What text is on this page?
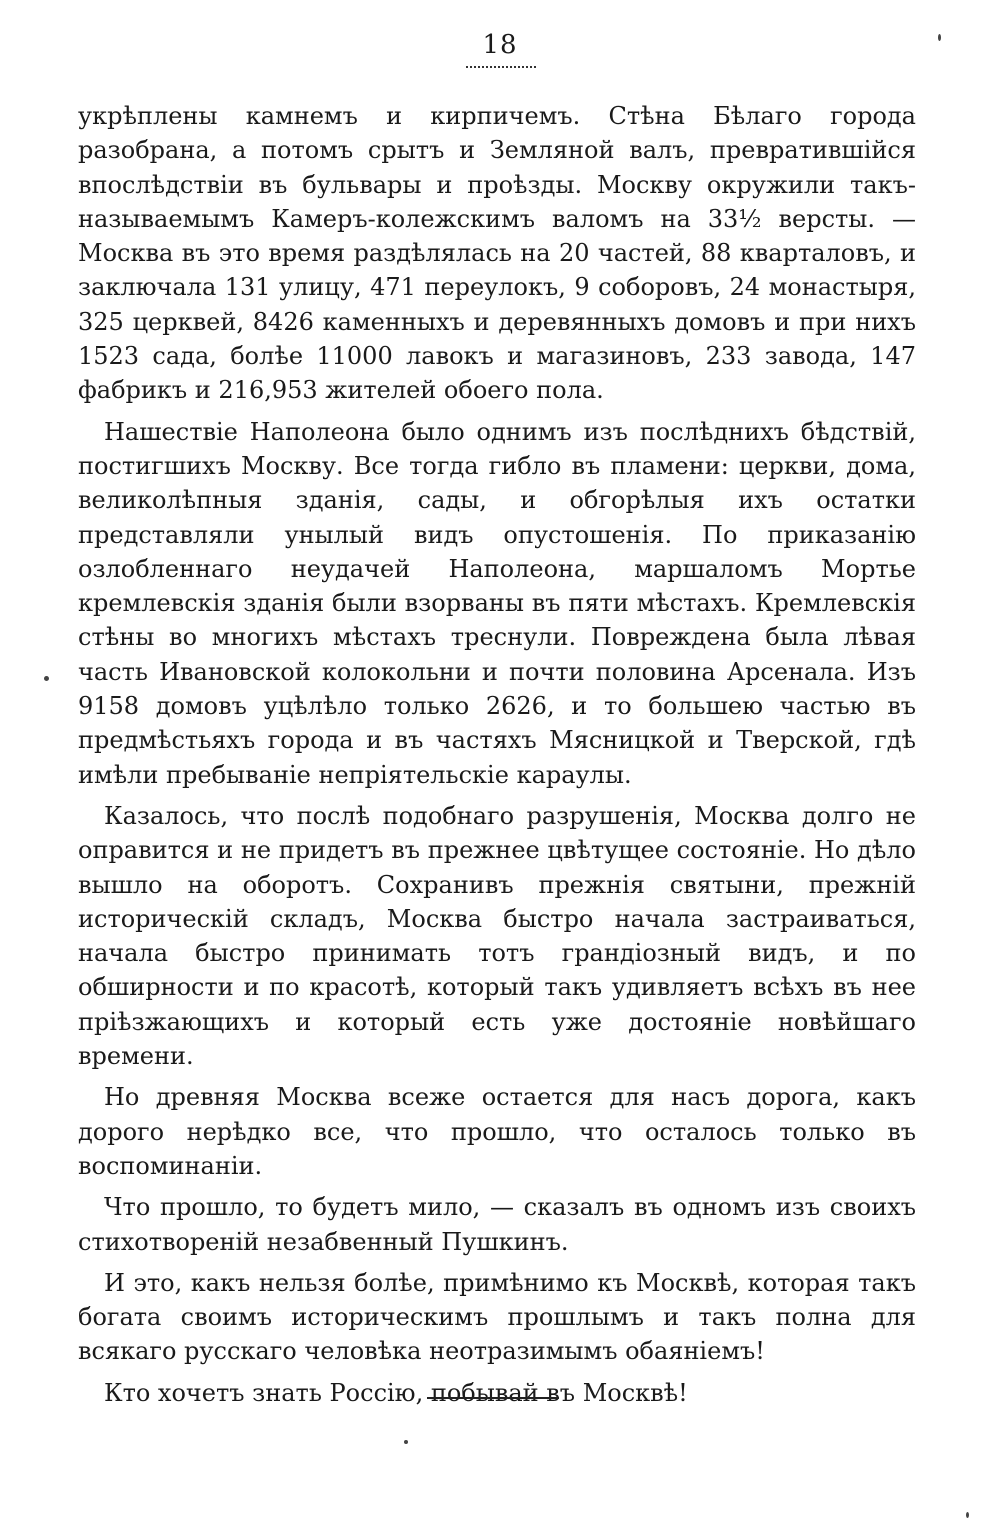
18

укрѣплены камнемъ и кирпичемъ. Стѣна Бѣлаго города разобрана, а потомъ срытъ и Земляной валъ, превратившійся впослѣдствіи въ бульвары и проѣзды. Москву окружили такъ-называемымъ Камеръ-колежскимъ валомъ на 33½ версты. — Москва въ это время раздѣлялась на 20 частей, 88 кварталовъ, и заключала 131 улицу, 471 переулокъ, 9 соборовъ, 24 монастыря, 325 церквей, 8426 каменныхъ и деревянныхъ домовъ и при нихъ 1523 сада, болѣе 11000 лавокъ и магазиновъ, 233 завода, 147 фабрикъ и 216,953 жителей обоего пола.

Нашествіе Наполеона было однимъ изъ послѣднихъ бѣдствій, постигшихъ Москву. Все тогда гибло въ пламени: церкви, дома, великолѣпныя зданія, сады, и обгорѣлыя ихъ остатки представляли унылый видъ опустошенія. По приказанію озлобленнаго неудачей Наполеона, маршаломъ Мортье кремлевскія зданія были взорваны въ пяти мѣстахъ. Кремлевскія стѣны во многихъ мѣстахъ треснули. Повреждена была лѣвая часть Ивановской колокольни и почти половина Арсенала. Изъ 9158 домовъ уцѣлѣло только 2626, и то большею частью въ предмѣстьяхъ города и въ частяхъ Мясницкой и Тверской, гдѣ имѣли пребываніе непріятельскіе караулы.

Казалось, что послѣ подобнаго разрушенія, Москва долго не оправится и не придетъ въ прежнее цвѣтущее состояніе. Но дѣло вышло на оборотъ. Сохранивъ прежнія святыни, прежній историческій складъ, Москва быстро начала застраиваться, начала быстро принимать тотъ грандіозный видъ, и по обширности и по красотѣ, который такъ удивляетъ всѣхъ въ нее пріѣзжающихъ и который есть уже достояніе новѣйшаго времени.

Но древняя Москва всеже остается для насъ дорога, какъ дорого нерѣдко все, что прошло, что осталось только въ воспоминаніи.

Что прошло, то будетъ мило, — сказалъ въ одномъ изъ своихъ стихотвореній незабвенный Пушкинъ.

И это, какъ нельзя болѣе, примѣнимо къ Москвѣ, которая такъ богата своимъ историческимъ прошлымъ и такъ полна для всякаго русскаго человѣка неотразимымъ обаяніемъ!

Кто хочетъ знать Россію, побывай въ Москвѣ!
